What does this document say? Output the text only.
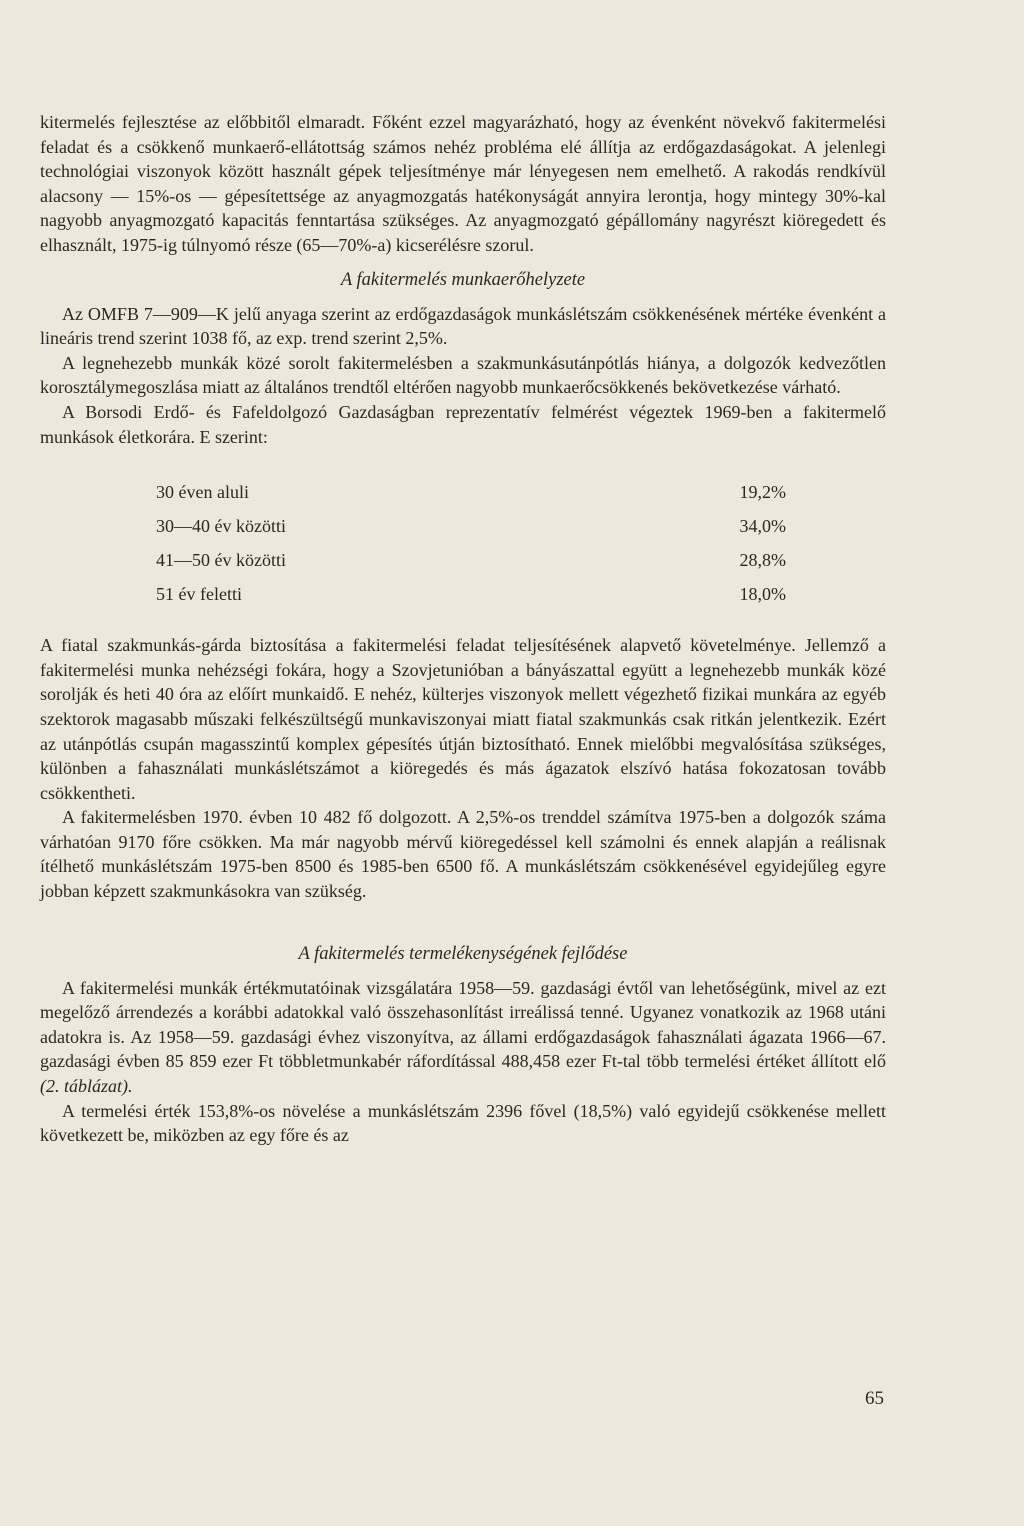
kitermelés fejlesztése az előbbitől elmaradt. Főként ezzel magyarázható, hogy az évenként növekvő fakitermelési feladat és a csökkenő munkaerő-ellátottság számos nehéz probléma elé állítja az erdőgazdaságokat. A jelenlegi technológiai viszonyok között használt gépek teljesítménye már lényegesen nem emelhető. A rakodás rendkívül alacsony — 15%-os — gépesítettsége az anyagmozgatás hatékonyságát annyira lerontja, hogy mintegy 30%-kal nagyobb anyagmozgató kapacitás fenntartása szükséges. Az anyagmozgató gépállomány nagyrészt kiöregedett és elhasznált, 1975-ig túlnyomó része (65—70%-a) kicserélésre szorul.

A fakitermelés munkaerőhelyzete

Az OMFB 7—909—K jelű anyaga szerint az erdőgazdaságok munkáslétszám csökkenésének mértéke évenként a lineáris trend szerint 1038 fő, az exp. trend szerint 2,5%.

A legnehezebb munkák közé sorolt fakitermelésben a szakmunkásutánpótlás hiánya, a dolgozók kedvezőtlen korosztálymegoszlása miatt az általános trendtől eltérően nagyobb munkaerőcsökkenés bekövetkezése várható.

A Borsodi Erdő- és Fafeldolgozó Gazdaságban reprezentatív felmérést végeztek 1969-ben a fakitermelő munkások életkorára. E szerint:

30 éven aluli	19,2%
30—40 év közötti	34,0%
41—50 év közötti	28,8%
51 év feletti	18,0%

A fiatal szakmunkás-gárda biztosítása a fakitermelési feladat teljesítésének alapvető követelménye. Jellemző a fakitermelési munka nehézségi fokára, hogy a Szovjetunióban a bányászattal együtt a legnehezebb munkák közé sorolják és heti 40 óra az előírt munkaidő. E nehéz, külterjes viszonyok mellett végezhető fizikai munkára az egyéb szektorok magasabb műszaki felkészültségű munkaviszonyai miatt fiatal szakmunkás csak ritkán jelentkezik. Ezért az utánpótlás csupán magasszintű komplex gépesítés útján biztosítható. Ennek mielőbbi megvalósítása szükséges, különben a fahasználati munkáslétszámot a kiöregedés és más ágazatok elszívó hatása fokozatosan tovább csökkentheti.

A fakitermelésben 1970. évben 10 482 fő dolgozott. A 2,5%-os trenddel számítva 1975-ben a dolgozók száma várhatóan 9170 főre csökken. Ma már nagyobb mérvű kiöregedéssel kell számolni és ennek alapján a reálisnak ítélhető munkáslétszám 1975-ben 8500 és 1985-ben 6500 fő. A munkáslétszám csökkenésével egyidejűleg egyre jobban képzett szakmunkásokra van szükség.

A fakitermelés termelékenységének fejlődése

A fakitermelési munkák értékmutatóinak vizsgálatára 1958—59. gazdasági évtől van lehetőségünk, mivel az ezt megelőző árrendezés a korábbi adatokkal való összehasonlítást irreálissá tenné. Ugyanez vonatkozik az 1968 utáni adatokra is. Az 1958—59. gazdasági évhez viszonyítva, az állami erdőgazdaságok fahasználati ágazata 1966—67. gazdasági évben 85 859 ezer Ft többletmunkabér ráfordítással 488,458 ezer Ft-tal több termelési értéket állított elő (2. táblázat).

A termelési érték 153,8%-os növelése a munkáslétszám 2396 fővel (18,5%) való egyidejű csökkenése mellett következett be, miközben az egy főre és az

65
